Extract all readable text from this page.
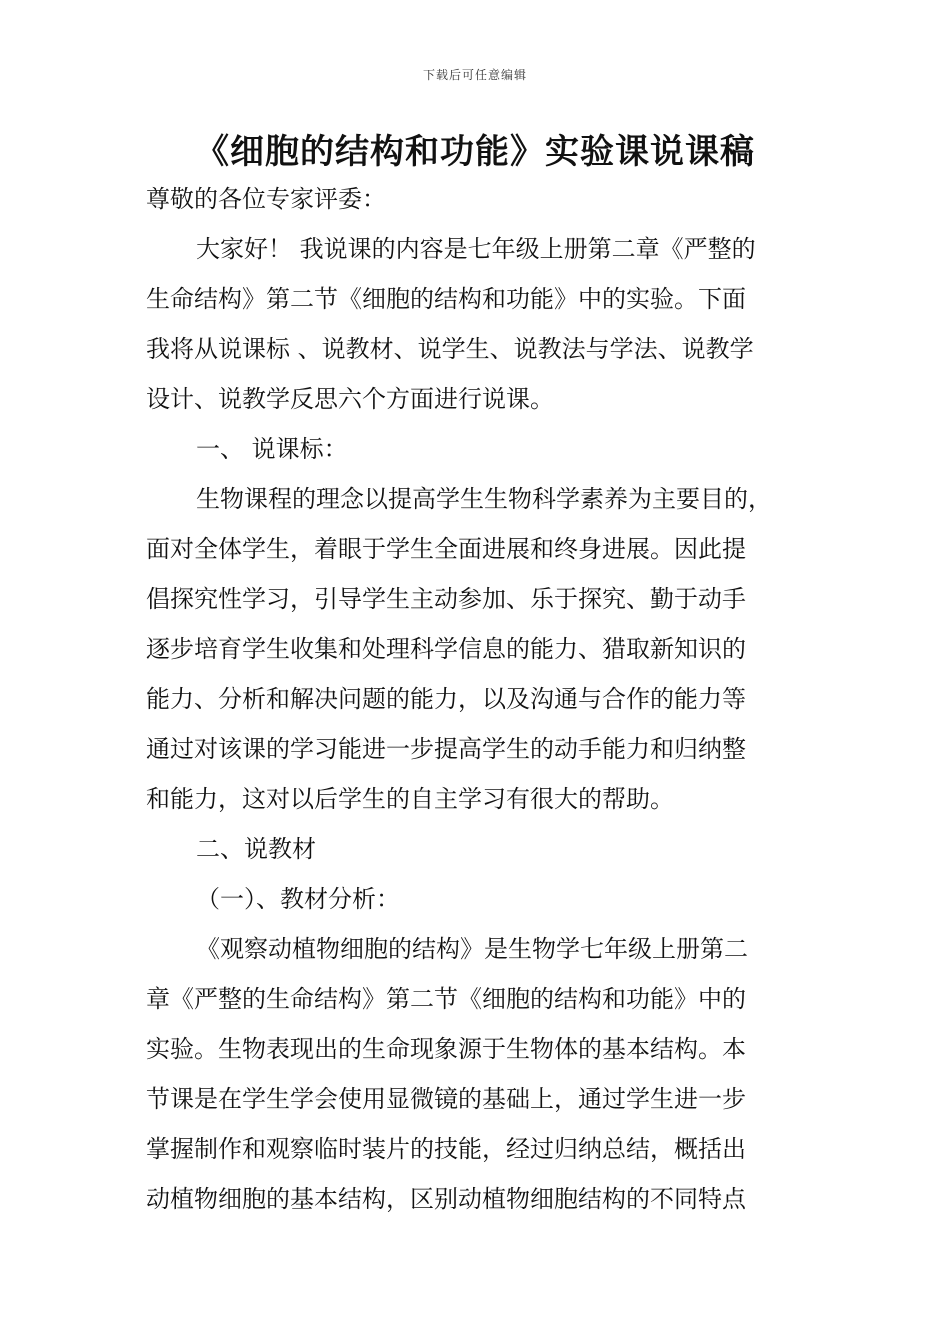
下载后可任意编辑
《细胞的结构和功能》实验课说课稿
尊敬的各位专家评委：
大家好！ 我说课的内容是七年级上册第二章《严整的
生命结构》第二节《细胞的结构和功能》中的实验。下面
我将从说课标 、说教材、说学生、说教法与学法、说教学
设计、说教学反思六个方面进行说课。
一、 说课标：
生物课程的理念以提高学生生物科学素养为主要目的，
面对全体学生，着眼于学生全面进展和终身进展。因此提
倡探究性学习，引导学生主动参加、乐于探究、勤于动手
逐步培育学生收集和处理科学信息的能力、猎取新知识的
能力、分析和解决问题的能力，以及沟通与合作的能力等
通过对该课的学习能进一步提高学生的动手能力和归纳整
和能力，这对以后学生的自主学习有很大的帮助。
二、说教材
（一）、教材分析：
《观察动植物细胞的结构》是生物学七年级上册第二
章《严整的生命结构》第二节《细胞的结构和功能》中的
实验。生物表现出的生命现象源于生物体的基本结构。本
节课是在学生学会使用显微镜的基础上，通过学生进一步
掌握制作和观察临时装片的技能，经过归纳总结，概括出
动植物细胞的基本结构，区别动植物细胞结构的不同特点
